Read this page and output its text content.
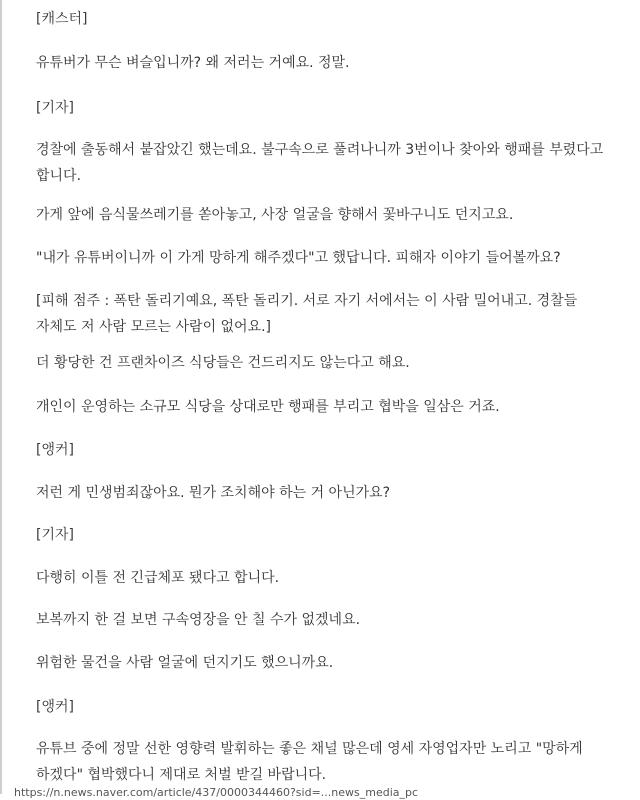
[캐스터]

유튜버가 무슨 벼슬입니까? 왜 저러는 거예요. 정말.

[기자]

경찰에 출동해서 붙잡았긴 했는데요. 불구속으로 풀려나니까 3번이나 찾아와 행패를 부렸다고 합니다.

가게 앞에 음식물쓰레기를 쏟아놓고, 사장 얼굴을 향해서 꽃바구니도 던지고요.

"내가 유튜버이니까 이 가게 망하게 해주겠다"고 했답니다. 피해자 이야기 들어볼까요?

[피해 점주 : 폭탄 돌리기예요, 폭탄 돌리기. 서로 자기 서에서는 이 사람 밀어내고. 경찰들 자체도 저 사람 모르는 사람이 없어요.]

더 황당한 건 프랜차이즈 식당들은 건드리지도 않는다고 해요.

개인이 운영하는 소규모 식당을 상대로만 행패를 부리고 협박을 일삼은 거죠.

[앵커]

저런 게 민생범죄잖아요. 뭔가 조치해야 하는 거 아닌가요?

[기자]

다행히 이틀 전 긴급체포 됐다고 합니다.

보복까지 한 걸 보면 구속영장을 안 칠 수가 없겠네요.

위험한 물건을 사람 얼굴에 던지기도 했으니까요.

[앵커]

유튜브 중에 정말 선한 영향력 발휘하는 좋은 채널 많은데 영세 자영업자만 노리고 "망하게 하겠다" 협박했다니 제대로 처벌 받길 바랍니다.

https://n.news.naver.com/article/437/0000344460?sid=...news_media_pc
